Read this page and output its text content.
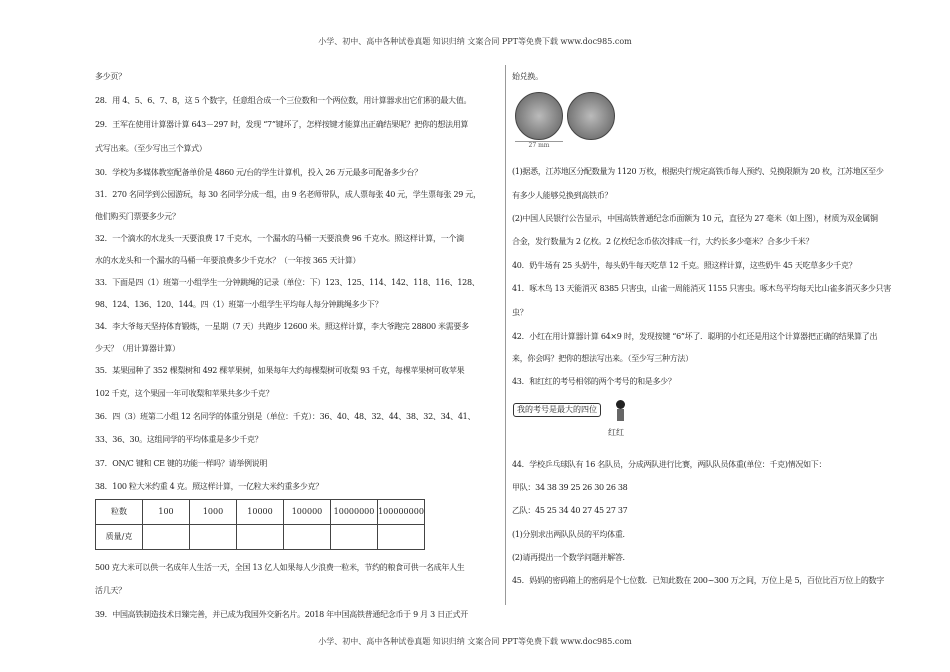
小学、初中、高中各种试卷真题 知识归纳 文案合同 PPT等免费下载 www.doc985.com
多少页？
28．用 4、5、6、7、8，这 5 个数字，任意组合成一个三位数和一个两位数，用计算器求出它们积的最大值。
29．王军在使用计算器计算 643－297 时，发现 “7”键坏了，怎样按键才能算出正确结果呢？把你的想法用算
式写出来。（至少写出三个算式）
30．学校为多媒体教室配备单价是 4860 元/台的学生计算机，投入 26 万元最多可配备多少台？
31．270 名同学到公园游玩，每 30 名同学分成一组，由 9 名老师带队，成人票每张 40 元，学生票每张 29 元，
他们购买门票要多少元？
32．一个滴水的水龙头一天要浪费 17 千克水，一个漏水的马桶一天要浪费 96 千克水。照这样计算，一个滴
水的水龙头和一个漏水的马桶一年要浪费多少千克水？（一年按 365 天计算）
33．下面是四（1）班第一小组学生一分钟跳绳的记录（单位：下）123、125、114、142、118、116、128、
98、124、136、120、144。四（1）班第一小组学生平均每人每分钟跳绳多少下？
34．李大爷每天坚持体育锻炼，一星期（7 天）共跑步 12600 米。照这样计算，李大爷跑完 28800 米需要多
少天？（用计算器计算）
35．某果园种了 352 棵梨树和 492 棵苹果树，如果每年大约每棵梨树可收梨 93 千克，每棵苹果树可收苹果
102 千克，这个果园一年可收梨和苹果共多少千克？
36．四（3）班第二小组 12 名同学的体重分别是（单位：千克）：36、40、48、32、44、38、32、34、41、
33、36、30。这组同学的平均体重是多少千克？
37．ON/C 键和 CE 键的功能一样吗？请举例说明
38．100 粒大米约重 4 克。照这样计算，一亿粒大米约重多少克？
500 克大米可以供一名成年人生活一天，全国 13 亿人如果每人少浪费一粒米，节约的粮食可供一名成年人生
活几天？
39．中国高铁制造技术日臻完善，并已成为我国外交新名片。2018 年中国高铁普通纪念币于 9 月 3 日正式开
粒数	100	1000	10000	100000	10000000	100000000
质量/克						
27 mm
我的考号是最大的四位
红红
始兑换。
(1)据悉，江苏地区分配数量为 1120 万枚，根据央行规定高铁币每人预约、兑换限额为 20 枚，江苏地区至少
有多少人能够兑换到高铁币？
(2)中国人民银行公告显示，中国高铁普通纪念币面额为 10 元，直径为 27 毫米（如上图），材质为双金属铜
合金，发行数量为 2 亿枚。2 亿枚纪念币依次排成一行，大约长多少毫米？合多少千米？
40．奶牛场有 25 头奶牛，每头奶牛每天吃草 12 千克。照这样计算，这些奶牛 45 天吃草多少千克？
41．啄木鸟 13 天能消灭 8385 只害虫，山雀一周能消灭 1155 只害虫。啄木鸟平均每天比山雀多消灭多少只害
虫？
42．小红在用计算器计算 64×9 时，发现按键 “6”坏了．聪明的小红还是用这个计算器把正确的结果算了出
来，你会吗？把你的想法写出来。（至少写三种方法）
43．和红红的考号相邻的两个考号的和是多少？
44．学校乒乓球队有 16 名队员，分成两队进行比赛，两队队员体重(单位：千克)情况如下：
甲队：34 38 39 25 26 30 26 38
乙队：45 25 34 40 27 45 27 37
(1)分别求出两队队员的平均体重．
(2)请再提出一个数学问题并解答．
45．妈妈的密码箱上的密码是个七位数．已知此数在 200~300 万之间，万位上是 5，百位比百万位上的数字
小学、初中、高中各种试卷真题 知识归纳 文案合同 PPT等免费下载 www.doc985.com
